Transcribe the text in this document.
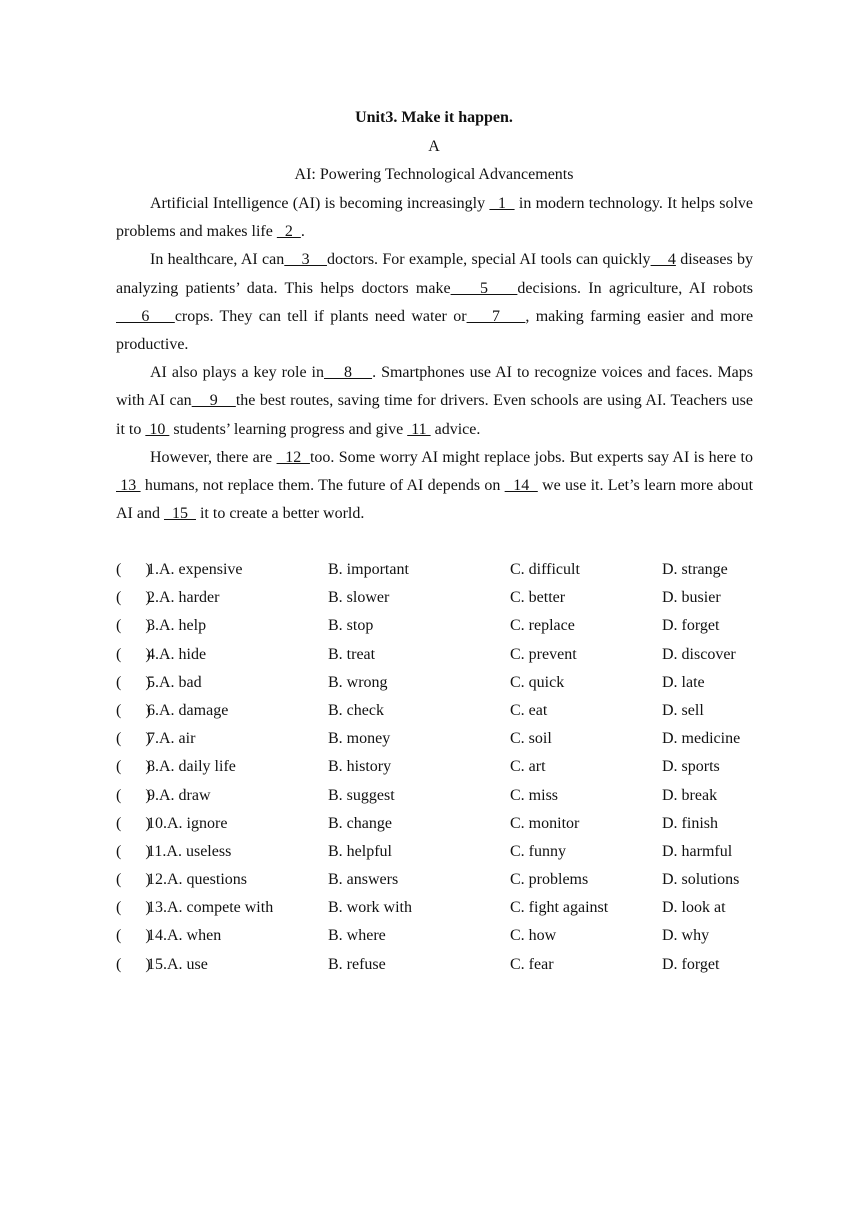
Unit3. Make it happen.
A
AI: Powering Technological Advancements

Artificial Intelligence (AI) is becoming increasingly   1   in modern technology. It helps solve problems and makes life   2  .

In healthcare, AI can    3    doctors. For example, special AI tools can quickly    4 diseases by analyzing patients’ data. This helps doctors make    5    decisions. In agriculture, AI robots    6    crops. They can tell if plants need water or    7    , making farming easier and more productive.

AI also plays a key role in    8    . Smartphones use AI to recognize voices and faces. Maps with AI can    9    the best routes, saving time for drivers. Even schools are using AI. Teachers use it to  10  students’ learning progress and give  11  advice.

However, there are   12  too. Some worry AI might replace jobs. But experts say AI is here to  13  humans, not replace them. The future of AI depends on   14   we use it. Let’s learn more about AI and   15   it to create a better world.

(      )
1.A. expensive	B. important	C. difficult	D. strange
(      )
2.A. harder	B. slower	C. better	D. busier
(      )
3.A. help	B. stop	C. replace	D. forget
(      )
4.A. hide	B. treat	C. prevent	D. discover
(      )
5.A. bad	B. wrong	C. quick	D. late
(      )
6.A. damage	B. check	C. eat	D. sell
(      )
7.A. air	B. money	C. soil	D. medicine
(      )
8.A. daily life	B. history	C. art	D. sports
(      )
9.A. draw	B. suggest	C. miss	D. break
(      )
10.A. ignore	B. change	C. monitor	D. finish
(      )
11.A. useless	B. helpful	C. funny	D. harmful
(      )
12.A. questions	B. answers	C. problems	D. solutions
(      )
13.A. compete with	B. work with	C. fight against	D. look at
(      )
14.A. when	B. where	C. how	D. why
(      )
15.A. use	B. refuse	C. fear	D. forget
